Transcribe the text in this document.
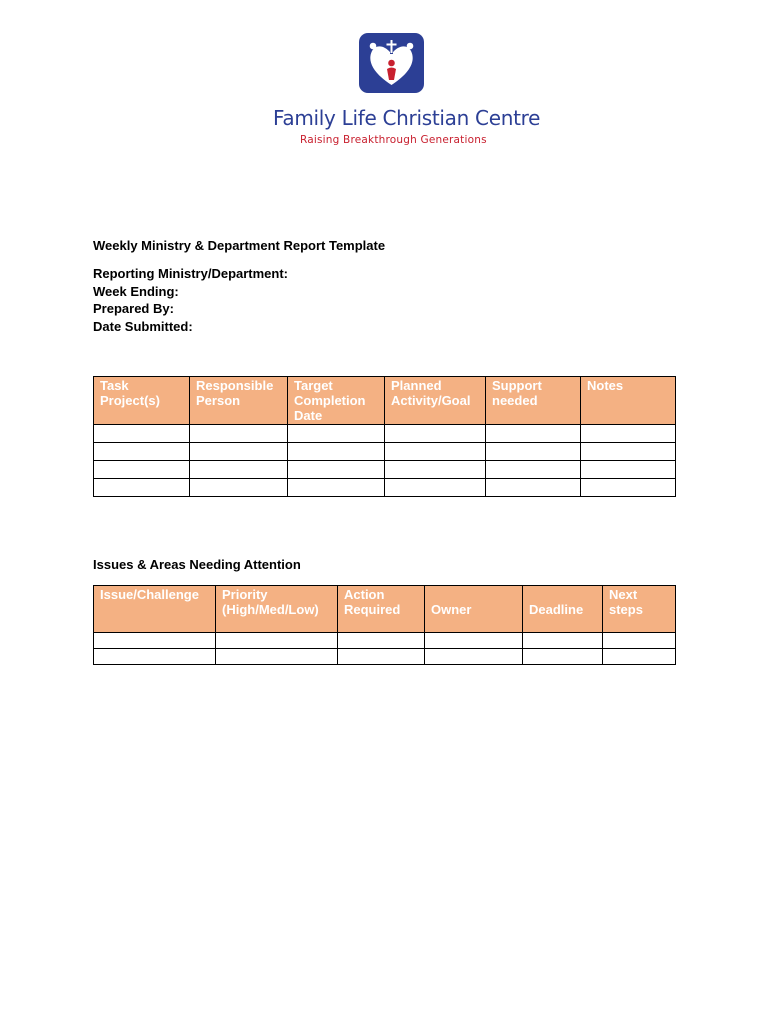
Family Life Christian Centre
Raising Breakthrough Generations
Weekly Ministry & Department Report Template
Reporting Ministry/Department:
Week Ending:
Prepared By:
Date Submitted:
Task Project(s)	Responsible Person	Target Completion Date	Planned Activity/Goal	Support needed	Notes

Issues & Areas Needing Attention
Issue/Challenge	Priority (High/Med/Low)	Action Required	Owner	Deadline	Next steps
